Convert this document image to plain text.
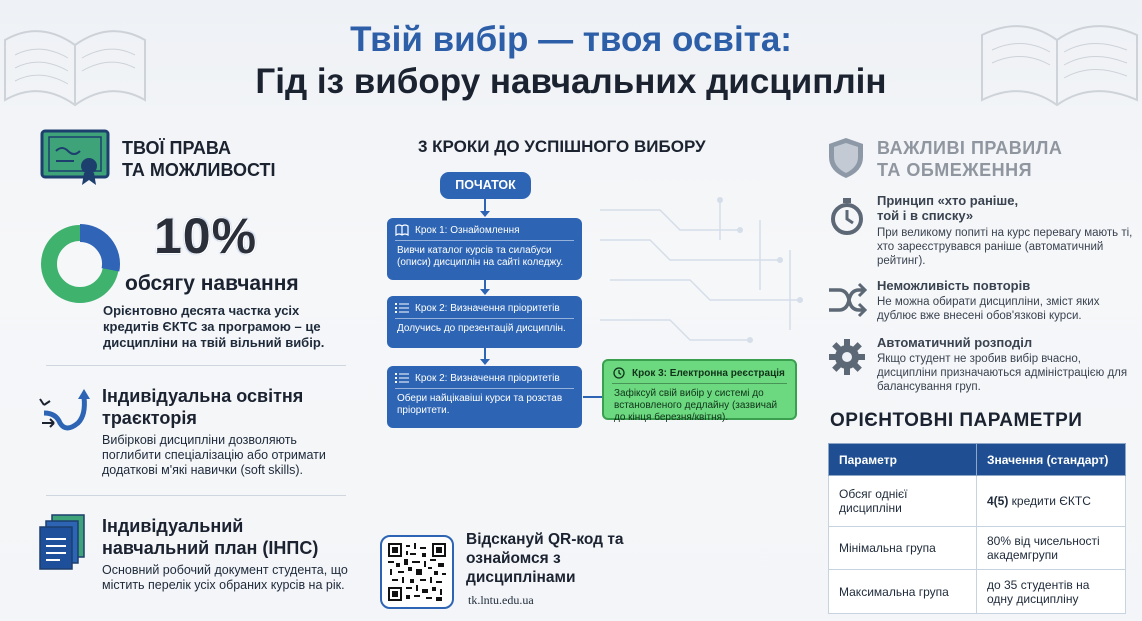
Твій вибір — твоя освіта:
Гід із вибору навчальних дисциплін
ТВОЇ ПРАВА
ТА МОЖЛИВОСТІ
10%
обсягу навчання
Орієнтовно десята частка усіх кредитів ЄКТС за програмою – це дисципліни на твій вільний вибір.
Індивідуальна освітня
траєкторія
Вибіркові дисципліни дозволяють поглибити спеціалізацію або отримати додаткові м'які навички (soft skills).
Індивідуальний
навчальний план (ІНПС)
Основний робочий документ студента, що містить перелік усіх обраних курсів на рік.
3 КРОКИ ДО УСПІШНОГО ВИБОРУ
ПОЧАТОК
Крок 1: Ознайомлення
Вивчи каталог курсів та силабуси (описи) дисциплін на сайті коледжу.
Крок 2: Визначення пріоритетів
Долучись до презентацій дисциплін.
Крок 2: Визначення пріоритетів
Обери найцікавіші курси та розстав пріоритети.
Крок 3: Електронна реєстрація
Зафіксуй свій вибір у системі до встановленого дедлайну (зазвичай до кінця березня/квітня).
Відскануй QR-код та ознайомся з дисциплінами
tk.lntu.edu.ua
ВАЖЛИВІ ПРАВИЛА
ТА ОБМЕЖЕННЯ
Принцип «хто раніше,
той і в списку»
При великому попиті на курс перевагу мають ті, хто зареєструвався раніше (автоматичний рейтинг).
Неможливість повторів
Не можна обирати дисципліни, зміст яких дублює вже внесені обов'язкові курси.
Автоматичний розподіл
Якщо студент не зробив вибір вчасно, дисципліни призначаються адміністрацією для балансування груп.
ОРІЄНТОВНІ ПАРАМЕТРИ
Параметр	Значення (стандарт)
Обсяг однієї дисципліни	4(5) кредити ЄКТС
Мінімальна група	80% від чисельності академгрупи
Максимальна група	до 35 студентів на одну дисципліну
